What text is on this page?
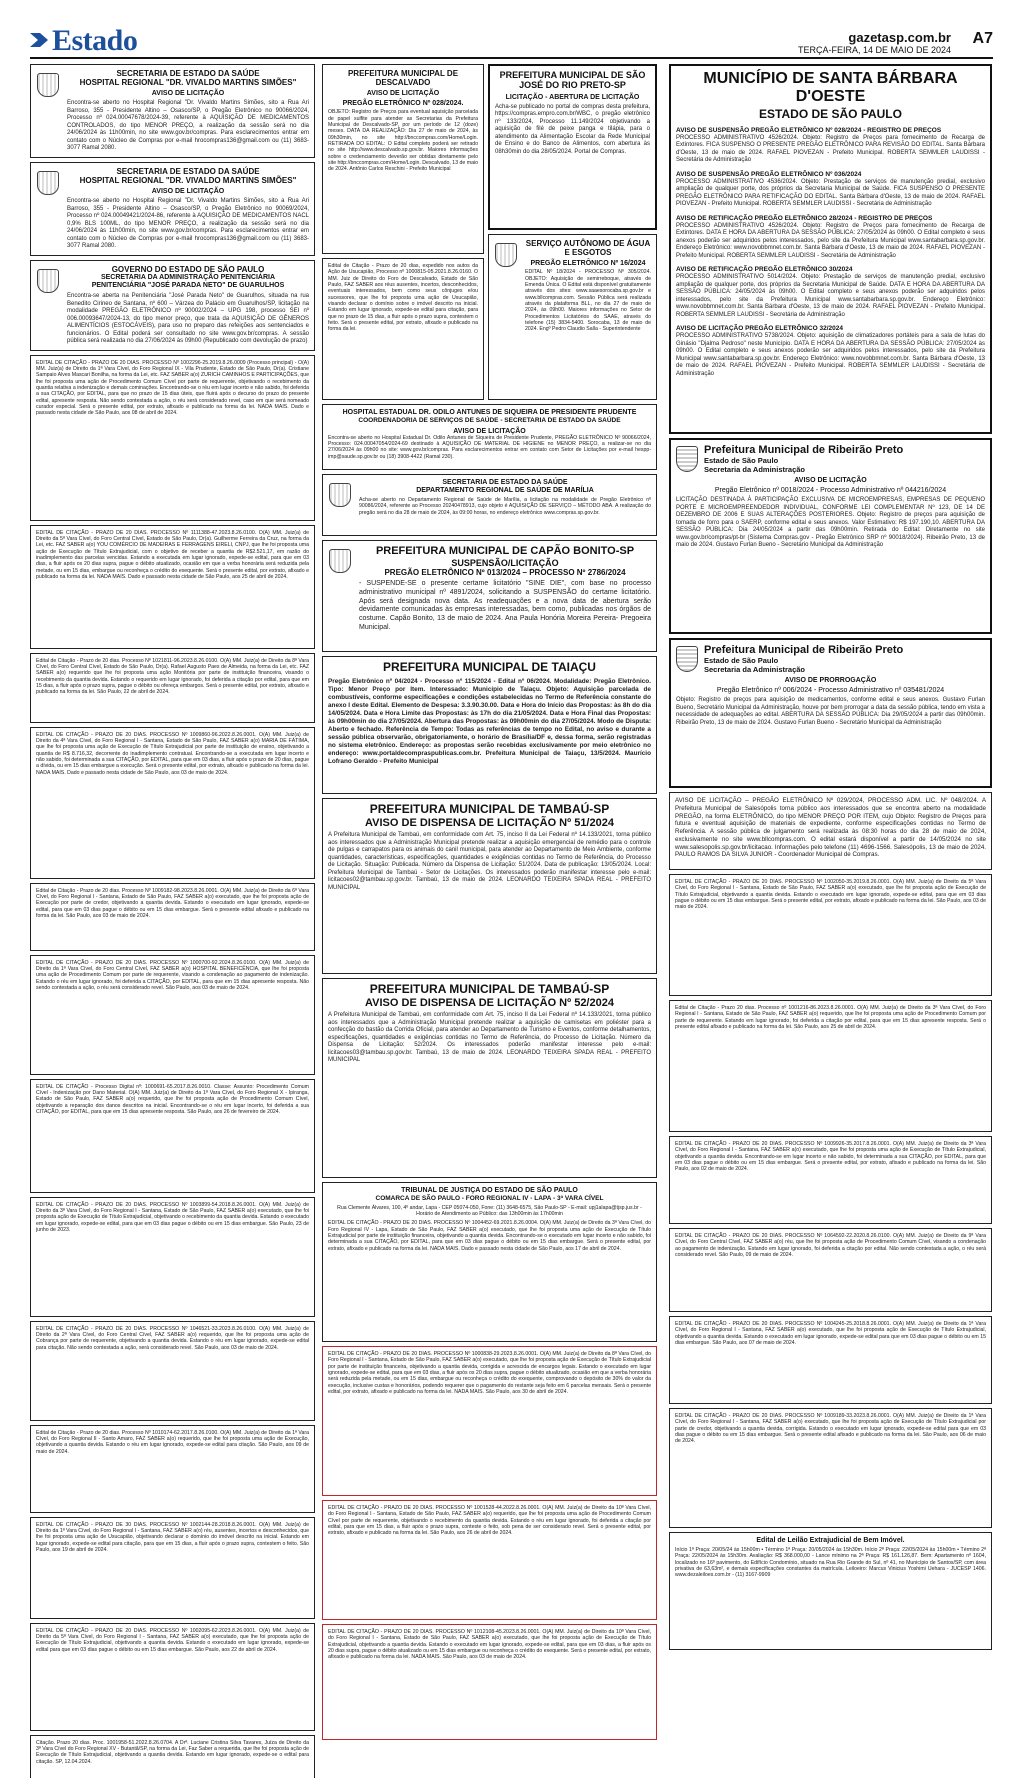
Estado	gazetasp.com.br
TERÇA-FEIRA, 14 DE MAIO DE 2024
A7
SECRETARIA DE ESTADO DA SAÚDE
HOSPITAL REGIONAL "DR. VIVALDO MARTINS SIMÕES"
AVISO DE LICITAÇÃO
Encontra-se aberto no Hospital Regional "Dr. Vivaldo Martins Simões, sito a Rua Ari Barroso, 355 - Presidente Altino – Osasco/SP, o Pregão Eletrônico no 90066/2024, Processo nº 024.00047678/2024-39, referente à AQUISIÇÃO DE MEDICAMENTOS CONTROLADOS, do tipo MENOR PREÇO, a realização da sessão será no dia 24/06/2024 às 11h00min, no site www.gov.br/compras. Para esclarecimentos entrar em contato com o Núcleo de Compras por e-mail hrocompras136@gmail.com ou (11) 3683-3077 Ramal 2080.
SECRETARIA DE ESTADO DA SAÚDE
HOSPITAL REGIONAL "DR. VIVALDO MARTINS SIMÕES"
AVISO DE LICITAÇÃO
Encontra-se aberto no Hospital Regional "Dr. Vivaldo Martins Simões, sito a Rua Ari Barroso, 355 - Presidente Altino – Osasco/SP, o Pregão Eletrônico no 90069/2024, Processo nº 024.00049421/2024-86, referente à AQUISIÇÃO DE MEDICAMENTOS NACL 0,9% BLS 100ML, do tipo MENOR PREÇO, a realização da sessão será no dia 24/06/2024 às 11h00min, no site www.gov.br/compras. Para esclarecimentos entrar em contato com o Núcleo de Compras por e-mail hrocompras136@gmail.com ou (11) 3683-3077 Ramal 2080.
GOVERNO DO ESTADO DE SÃO PAULO
SECRETARIA DA ADMINISTRAÇÃO PENITENCIÁRIA
PENITENCIÁRIA "JOSÉ PARADA NETO" DE GUARULHOS
Encontra-se aberta na Penitenciária "José Parada Neto" de Guarulhos, situada na rua Benedito Cirineo de Santana, nº 600 – Várzea do Palácio em Guarulhos/SP, licitação na modalidade PREGÃO ELETRÔNICO nº 90002/2024 – UPG 198, processo SEI nº 006.00093647/2024-13, do tipo menor preço, que trata da AQUISIÇÃO DE GÊNEROS ALIMENTÍCIOS (ESTOCÁVEIS), para uso no preparo das refeições aos sentenciados e funcionários. O Edital poderá ser consultado no site www.gov.br/compras. A sessão pública será realizada no dia 27/06/2024 às 09h00 (Republicado com devolução de prazo)
EDITAL DE CITAÇÃO - PRAZO DE 20 DIAS. PROCESSO Nº 1002296-25.2019.8.26.0009 (Processo principal) - O(A) MM. Juiz(a) de Direito da 1ª Vara Cível, do Foro Regional IX - Vila Prudente, Estado de São Paulo, Dr(a). Cristiane Sampaio Alves Mascari Bonilha, na forma da Lei, etc. FAZ SABER a(o) ZURICH CAMINHOS E PARTICIPAÇÕES, que lhe foi proposta uma ação de Procedimento Comum Cível por parte de requerente, objetivando o recebimento da quantia relativa a indenização e demais cominações. Encontrando-se o réu em lugar incerto e não sabido, foi deferida a sua CITAÇÃO, por EDITAL, para que no prazo de 15 dias úteis, que fluirá após o decurso do prazo do presente edital, apresente resposta. Não sendo contestada a ação, o réu será considerado revel, caso em que será nomeado curador especial. Será o presente edital, por extrato, afixado e publicado na forma da lei. NADA MAIS. Dado e passado nesta cidade de São Paulo, aos 08 de abril de 2024.
EDITAL DE CITAÇÃO - PRAZO DE 20 DIAS. PROCESSO Nº 1111388-47.2023.8.26.0100. O(A) MM. Juiz(a) de Direito da 5ª Vara Cível, do Foro Central Cível, Estado de São Paulo, Dr(a). Guilherme Ferreira da Cruz, na forma da Lei, etc. FAZ SABER a(o) YOU COMÉRCIO DE MADEIRAS E FERRAGENS EIRELI, CNPJ, que lhe foi proposta uma ação de Execução de Título Extrajudicial, com o objetivo de receber a quantia de R$2.521,17, em razão do inadimplemento das parcelas vencidas. Estando a executada em lugar ignorado, expede-se edital, para que em 03 dias, a fluir após os 20 dias supra, pague o débito atualizado, ocasião em que a verba honorária será reduzida pela metade, ou em 15 dias, embargue ou reconheça o crédito do exequente. Será o presente edital, por extrato, afixado e publicado na forma da lei. NADA MAIS. Dado e passado nesta cidade de São Paulo, aos 25 de abril de 2024.
Edital de Citação - Prazo de 20 dias. Processo Nº 1021811-96.2023.8.26.0100. O(A) MM. Juiz(a) de Direito da 8ª Vara Cível, do Foro Central Cível, Estado de São Paulo, Dr(a). Rafael Augusto Paes de Almeida, na forma da Lei, etc. FAZ SABER a(o) requerido que lhe foi proposta uma ação Monitória por parte de instituição financeira, visando o recebimento da quantia devida. Estando o requerido em lugar ignorado, foi deferida a citação por edital, para que em 15 dias, a fluir após o prazo supra, pague o débito ou ofereça embargos. Será o presente edital, por extrato, afixado e publicado na forma da lei. São Paulo, 22 de abril de 2024.
EDITAL DE CITAÇÃO - PRAZO DE 20 DIAS. PROCESSO Nº 1009860-96.2022.8.26.0001. O(A) MM. Juiz(a) de Direito da 4ª Vara Cível, do Foro Regional I - Santana, Estado de São Paulo, FAZ SABER a(o) MARIA DE FÁTIMA, que lhe foi proposta uma ação de Execução de Título Extrajudicial por parte de instituição de ensino, objetivando a quantia de R$ 8.716,32, decorrente do inadimplemento contratual. Encontrando-se a executada em lugar incerto e não sabido, foi determinada a sua CITAÇÃO, por EDITAL, para que em 03 dias, a fluir após o prazo de 20 dias, pague a dívida, ou em 15 dias embargue a execução. Será o presente edital, por extrato, afixado e publicado na forma da lei. NADA MAIS. Dado e passado nesta cidade de São Paulo, aos 03 de maio de 2024.
Edital de Citação - Prazo de 20 dias. Processo Nº 1009182-98.2023.8.26.0001. O(A) MM. Juiz(a) de Direito da 6ª Vara Cível, do Foro Regional I - Santana, Estado de São Paulo, FAZ SABER a(o) executado, que lhe foi proposta ação de Execução por parte de credor, objetivando a quantia devida. Estando o executado em lugar ignorado, expede-se edital, para que em 03 dias pague o débito ou em 15 dias embargue. Será o presente edital afixado e publicado na forma da lei. São Paulo, aos 03 de maio de 2024.
EDITAL DE CITAÇÃO - PRAZO DE 20 DIAS. PROCESSO Nº 1000700-92.2024.8.26.0100. O(A) MM. Juiz(a) de Direito da 1ª Vara Cível, do Foro Central Cível, FAZ SABER a(o) HOSPITAL BENEFICÊNCIA, que lhe foi proposta uma ação de Procedimento Comum por parte de requerente, visando a condenação ao pagamento de indenização. Estando o réu em lugar ignorado, foi deferida a CITAÇÃO, por EDITAL, para que em 15 dias apresente resposta. Não sendo contestada a ação, o réu será considerado revel. São Paulo, aos 03 de maio de 2024.
EDITAL DE CITAÇÃO - Processo Digital nº: 1000691-65.2017.8.26.0010. Classe: Assunto: Procedimento Comum Cível - Indenização por Dano Material. O(A) MM. Juiz(a) de Direito da 1ª Vara Cível, do Foro Regional X - Ipiranga, Estado de São Paulo, FAZ SABER a(o) requerido, que lhe foi proposta ação de Procedimento Comum Cível, objetivando a reparação dos danos descritos na inicial. Encontrando-se o réu em lugar incerto, foi deferida a sua CITAÇÃO, por EDITAL, para que em 15 dias apresente resposta. São Paulo, aos 26 de fevereiro de 2024.
EDITAL DE CITAÇÃO - PRAZO DE 20 DIAS. PROCESSO Nº 1003899-54.2018.8.26.0001. O(A) MM. Juiz(a) de Direito da 3ª Vara Cível, do Foro Regional I - Santana, Estado de São Paulo, FAZ SABER a(o) executado, que lhe foi proposta ação de Execução de Título Extrajudicial, objetivando o recebimento da quantia devida. Estando o executado em lugar ignorado, expede-se edital, para que em 03 dias pague o débito ou em 15 dias embargue. São Paulo, 23 de junho de 2023.
EDITAL DE CITAÇÃO - PRAZO DE 20 DIAS. PROCESSO Nº 1046521-33.2023.8.26.0100. O(A) MM. Juiz(a) de Direito da 2ª Vara Cível, do Foro Central Cível, FAZ SABER a(o) requerido, que lhe foi proposta uma ação de Cobrança por parte de requerente, objetivando a quantia devida. Estando o réu em lugar ignorado, expede-se edital para citação. Não sendo contestada a ação, será considerado revel. São Paulo, aos 03 de maio de 2024.
Edital de Citação - Prazo de 20 dias. Processo Nº 1010174-62.2017.8.26.0100. O(A) MM. Juiz(a) de Direito da 1ª Vara Cível, do Foro Regional II - Santo Amaro, FAZ SABER a(o) requerido, que lhe foi proposta uma ação de Execução, objetivando a quantia devida. Estando o réu em lugar ignorado, expede-se edital para citação. São Paulo, aos 09 de maio de 2024.
EDITAL DE CITAÇÃO - PRAZO DE 30 DIAS. PROCESSO Nº 1002144-28.2018.8.26.0001. O(A) MM. Juiz(a) de Direito da 1ª Vara Cível, do Foro Regional I - Santana, FAZ SABER a(o) réu, ausentes, incertos e desconhecidos, que lhe foi proposta uma ação de Usucapião, objetivando declarar o domínio do imóvel descrito na inicial. Estando em lugar ignorado, expede-se edital para citação, para que em 15 dias, a fluir após o prazo supra, contestem o feito. São Paulo, aos 19 de abril de 2024.
EDITAL DE CITAÇÃO - PRAZO DE 20 DIAS. PROCESSO Nº 1002095-62.2023.8.26.0001. O(A) MM. Juiz(a) de Direito da 5ª Vara Cível, do Foro Regional I - Santana, FAZ SABER a(o) executado, que lhe foi proposta ação de Execução de Título Extrajudicial, objetivando a quantia devida. Estando o executado em lugar ignorado, expede-se edital para que em 03 dias pague o débito ou em 15 dias embargue. São Paulo, aos 22 de abril de 2024.
Citação. Prazo 20 dias. Proc. 1001958-51.2022.8.26.0704. A Drª. Luciane Cristina Silva Tavares, Juíza de Direito da 3ª Vara Cível do Foro Regional XV - Butantã/SP, na forma da Lei, Faz Saber a requerida, que lhe foi proposta ação de Execução de Título Extrajudicial, objetivando a quantia devida. Estando em lugar ignorado, expede-se o edital para citação. SP, 12.04.2024.
PREFEITURA MUNICIPAL DE DESCALVADO
AVISO DE LICITAÇÃO
PREGÃO ELETRÔNICO Nº 028/2024.
OBJETO: Registro de Preços para eventual aquisição parcelada de papel sulfite para atender as Secretarias da Prefeitura Municipal de Descalvado-SP, por um período de 12 (doze) meses. DATA DA REALIZAÇÃO: Dia 27 de maio de 2024, às 09h30min, no site http://bnccompras.com/Home/Login. RETIRADA DO EDITAL: O Edital completo poderá ser retirado no site http://www.descalvado.sp.gov.br. Maiores informações sobre o credenciamento deverão ser obtidas diretamente pelo site http://bnccompras.com/Home/Login. Descalvado, 13 de maio de 2024. Antônio Carlos Reschini - Prefeito Municipal
Edital de Citação - Prazo de 20 dias, expedido nos autos da Ação de Usucapião, Processo nº 1000815-05.2021.8.26.0160. O MM. Juiz de Direito do Foro de Descalvado, Estado de São Paulo, FAZ SABER aos réus ausentes, incertos, desconhecidos, eventuais interessados, bem como seus cônjuges e/ou sucessores, que lhe foi proposta uma ação de Usucapião, visando declarar o domínio sobre o imóvel descrito na inicial. Estando em lugar ignorado, expede-se edital para citação, para que no prazo de 15 dias, a fluir após o prazo supra, contestem o feito. Será o presente edital, por extrato, afixado e publicado na forma da lei.
PREFEITURA MUNICIPAL DE SÃO JOSÉ DO RIO PRETO-SP
LICITAÇÃO - ABERTURA DE LICITAÇÃO
Acha-se publicado no portal de compras desta prefeitura, https://compras.empro.com.br/WBC, o pregão eletrônico nº 133/2024, Processo 11.149/2024 objetivando a aquisição de filé de peixe panga e tilápia, para o atendimento da Alimentação Escolar da Rede Municipal de Ensino e do Banco de Alimentos, com abertura às 08h30min do dia 28/05/2024. Portal de Compras.
SERVIÇO AUTÔNOMO DE ÁGUA E ESGOTOS
PREGÃO ELETRÔNICO Nº 16/2024
EDITAL Nº 18/2024 - PROCESSO Nº 305/2024. OBJETO: Aquisição de semirreboque, através de Emenda Única. O Edital está disponível gratuitamente através dos sites: www.saaesorocaba.sp.gov.br e www.bllcompras.com. Sessão Pública será realizada através da plataforma BLL, no dia 27 de maio de 2024, às 09h00. Maiores informações no Setor de Procedimentos Licitatórios do SAAE, através do telefone (15) 3834-5400. Sorocaba, 13 de maio de 2024. Engº Pedro Claudio Salla - Superintendente
HOSPITAL ESTADUAL DR. ODILO ANTUNES DE SIQUEIRA DE PRESIDENTE PRUDENTE
COORDENADORIA DE SERVIÇOS DE SAÚDE - SECRETARIA DE ESTADO DA SAÚDE
AVISO DE LICITAÇÃO
Encontra-se aberto no Hospital Estadual Dr. Odilo Antunes de Siqueira de Presidente Prudente, PREGÃO ELETRÔNICO Nº 90066/2024, Processo: 024.00047054/2024-69 destinado à AQUISIÇÃO DE MATERIAL DE HIGIENE no MENOR PREÇO, a realizar-se no dia 27/06/2024 às 09h00 no site: www.gov.br/compras. Para esclarecimentos entrar em contato com Setor de Licitações por e-mail hespp-imp@saude.sp.gov.br ou (18) 3908-4422 (Ramal 230).
SECRETARIA DE ESTADO DA SAÚDE
DEPARTAMENTO REGIONAL DE SAÚDE DE MARÍLIA
Acha-se aberto no Departamento Regional de Saúde de Marília, a licitação na modalidade de Pregão Eletrônico nº 90086/2024, referente ao Processo 20240478913, cujo objeto é AQUISIÇÃO DE SERVIÇO – MÉTODO ABA. A realização do pregão será no dia 28 de maio de 2024, às 09:00 horas, no endereço eletrônico www.compras.sp.gov.br.
PREFEITURA MUNICIPAL DE CAPÃO BONITO-SP
SUSPENSÃO/LICITAÇÃO
PREGÃO ELETRÔNICO Nº 013/2024 – PROCESSO Nº 2786/2024
- SUSPENDE-SE o presente certame licitatório "SINE DIE", com base no processo administrativo municipal nº 4891/2024, solicitando a SUSPENSÃO do certame licitatório. Após será designada nova data. As readequações e a nova data de abertura serão devidamente comunicadas às empresas interessadas, bem como, publicadas nos órgãos de costume. Capão Bonito, 13 de maio de 2024. Ana Paula Honória Moreira Pereira- Pregoeira Municipal.
PREFEITURA MUNICIPAL DE TAIAÇU
Pregão Eletrônico nº 04/2024 - Processo nº 115/2024 - Edital nº 06/2024. Modalidade: Pregão Eletrônico. Tipo: Menor Preço por Item. Interessado: Município de Taiaçu. Objeto: Aquisição parcelada de combustíveis, conforme especificações e condições estabelecidas no Termo de Referência constante do anexo I deste Edital. Elemento de Despesa: 3.3.90.30.00. Data e Hora do Início das Propostas: às 8h do dia 14/05/2024. Data e Hora Limite das Propostas: às 17h do dia 21/05/2024. Data e Hora Final das Propostas: às 09h00min do dia 27/05/2024. Abertura das Propostas: às 09h00min do dia 27/05/2024. Modo de Disputa: Aberto e fechado. Referência de Tempo: Todas as referências de tempo no Edital, no aviso e durante a sessão pública observarão, obrigatoriamente, o horário de Brasília/DF e, dessa forma, serão registradas no sistema eletrônico. Endereço: as propostas serão recebidas exclusivamente por meio eletrônico no endereço: www.portaldecompraspublicas.com.br. Prefeitura Municipal de Taiaçu, 13/5/2024. Maurício Lofrano Geraldo - Prefeito Municipal
PREFEITURA MUNICIPAL DE TAMBAÚ-SP
AVISO DE DISPENSA DE LICITAÇÃO Nº 51/2024
A Prefeitura Municipal de Tambaú, em conformidade com Art. 75, inciso II da Lei Federal nº 14.133/2021, torna público aos interessados que a Administração Municipal pretende realizar a aquisição emergencial de remédio para o controle de pulgas e carrapatos para os animais do canil municipal, para atender ao Departamento de Meio Ambiente, conforme quantidades, características, especificações, quantidades e exigências contidas no Termo de Referência, do Processo de Licitação. Situação: Publicada. Número da Dispensa de Licitação: 51/2024. Data de publicação: 13/05/2024. Local: Prefeitura Municipal de Tambaú - Setor de Licitações. Os interessados poderão manifestar interesse pelo e-mail: licitacoes02@tambau.sp.gov.br. Tambaú, 13 de maio de 2024. LEONARDO TEIXEIRA SPADA REAL - PREFEITO MUNICIPAL
PREFEITURA MUNICIPAL DE TAMBAÚ-SP
AVISO DE DISPENSA DE LICITAÇÃO Nº 52/2024
A Prefeitura Municipal de Tambaú, em conformidade com Art. 75, inciso II da Lei Federal nº 14.133/2021, torna público aos interessados que a Administração Municipal pretende realizar a aquisição de camisetas em poliéster para a confecção do bastão da Corrida Oficial, para atender ao Departamento de Turismo e Eventos, conforme detalhamentos, especificações, quantidades e exigências contidas no Termo de Referência, do Processo de Licitação. Número da Dispensa de Licitação: 52/2024. Os interessados poderão manifestar interesse pelo e-mail: licitacoes03@tambau.sp.gov.br. Tambaú, 13 de maio de 2024. LEONARDO TEIXEIRA SPADA REAL - PREFEITO MUNICIPAL
TRIBUNAL DE JUSTIÇA DO ESTADO DE SÃO PAULO
COMARCA DE SÃO PAULO - FORO REGIONAL IV - LAPA - 3ª VARA CÍVEL
Rua Clemente Álvares, 100, 4º andar, Lapa - CEP 05074-050, Fone: (11) 3648-6575, São Paulo-SP - E-mail: upj1alapa@tjsp.jus.br - Horário de Atendimento ao Público: das 13h00min às 17h00min
EDITAL DE CITAÇÃO - PRAZO DE 20 DIAS. PROCESSO Nº 1004452-69.2021.8.26.0004. O(A) MM. Juiz(a) de Direito da 3ª Vara Cível, do Foro Regional IV - Lapa, Estado de São Paulo, FAZ SABER a(o) executado, que lhe foi proposta uma ação de Execução de Título Extrajudicial por parte de instituição financeira, objetivando a quantia devida. Encontrando-se o executado em lugar incerto e não sabido, foi determinada a sua CITAÇÃO, por EDITAL, para que em 03 dias pague o débito ou em 15 dias embargue. Será o presente edital, por extrato, afixado e publicado na forma da lei. NADA MAIS. Dado e passado nesta cidade de São Paulo, aos 17 de abril de 2024.
EDITAL DE CITAÇÃO - PRAZO DE 20 DIAS. PROCESSO Nº 1000838-29.2023.8.26.0001. O(A) MM. Juiz(a) de Direito da 8ª Vara Cível, do Foro Regional I - Santana, Estado de São Paulo, FAZ SABER a(o) executado, que lhe foi proposta ação de Execução de Título Extrajudicial por parte de instituição financeira, objetivando a quantia devida, corrigida e acrescida de encargos legais. Estando o executado em lugar ignorado, expede-se edital, para que em 03 dias, a fluir após os 20 dias supra, pague o débito atualizado, ocasião em que a verba honorária será reduzida pela metade, ou em 15 dias, embargue ou reconheça o crédito do exequente, comprovando o depósito de 30% do valor da execução, inclusive custas e honorários, podendo requerer que o pagamento do restante seja feito em 6 parcelas mensais. Será o presente edital, por extrato, afixado e publicado na forma da lei. NADA MAIS. São Paulo, aos 30 de abril de 2024.
EDITAL DE CITAÇÃO - PRAZO DE 20 DIAS. PROCESSO Nº 1001528-44.2022.8.26.0001. O(A) MM. Juiz(a) de Direito da 10ª Vara Cível, do Foro Regional I - Santana, Estado de São Paulo, FAZ SABER a(o) requerido, que lhe foi proposta uma ação de Procedimento Comum Cível por parte de requerente, objetivando o recebimento da quantia devida. Estando o réu em lugar ignorado, foi deferida a citação por edital, para que em 15 dias, a fluir após o prazo supra, conteste o feito, sob pena de ser considerado revel. Será o presente edital, por extrato, afixado e publicado na forma da lei. São Paulo, aos 26 de abril de 2024.
EDITAL DE CITAÇÃO - PRAZO DE 20 DIAS. PROCESSO Nº 1012108-45.2023.8.26.0001. O(A) MM. Juiz(a) de Direito da 10ª Vara Cível, do Foro Regional I - Santana, Estado de São Paulo, FAZ SABER a(o) executado, que lhe foi proposta ação de Execução de Título Extrajudicial, objetivando a quantia devida. Estando o executado em lugar ignorado, expede-se edital, para que em 03 dias, a fluir após os 20 dias supra, pague o débito atualizado ou em 15 dias embargue ou reconheça o crédito do exequente. Será o presente edital, por extrato, afixado e publicado na forma da lei. NADA MAIS. São Paulo, aos 03 de maio de 2024.
MUNICÍPIO DE SANTA BÁRBARA D'OESTE
ESTADO DE SÃO PAULO
AVISO DE SUSPENSÃO PREGÃO ELETRÔNICO Nº 028/2024 - REGISTRO DE PREÇOS
PROCESSO ADMINISTRATIVO 4526/2024. Objeto: Registro de Preços para fornecimento de Recarga de Extintores. FICA SUSPENSO O PRESENTE PREGÃO ELETRÔNICO PARA REVISÃO DO EDITAL. Santa Bárbara d'Oeste, 13 de maio de 2024. RAFAEL PIOVEZAN - Prefeito Municipal. ROBERTA SEMMLER LAUDISSI - Secretária de Administração
AVISO DE SUSPENSÃO PREGÃO ELETRÔNICO Nº 036/2024
PROCESSO ADMINISTRATIVO 4536/2024. Objeto: Prestação de serviços de manutenção predial, exclusivo ampliação de qualquer porte, dos próprios da Secretaria Municipal de Saúde. FICA SUSPENSO O PRESENTE PREGÃO ELETRÔNICO PARA RETIFICAÇÃO DO EDITAL. Santa Bárbara d'Oeste, 13 de maio de 2024. RAFAEL PIOVEZAN - Prefeito Municipal. ROBERTA SEMMLER LAUDISSI - Secretária de Administração
AVISO DE RETIFICAÇÃO PREGÃO ELETRÔNICO 28/2024 - REGISTRO DE PREÇOS
PROCESSO ADMINISTRATIVO 4526/2024. Objeto: Registro de Preços para fornecimento de Recarga de Extintores. DATA E HORA DA ABERTURA DA SESSÃO PÚBLICA: 27/05/2024 às 09h00. O Edital completo e seus anexos poderão ser adquiridos pelos interessados, pelo site da Prefeitura Municipal www.santabarbara.sp.gov.br. Endereço Eletrônico: www.novobbmnet.com.br. Santa Bárbara d'Oeste, 13 de maio de 2024. RAFAEL PIOVEZAN - Prefeito Municipal. ROBERTA SEMMLER LAUDISSI - Secretária de Administração
AVISO DE RETIFICAÇÃO PREGÃO ELETRÔNICO 30/2024
PROCESSO ADMINISTRATIVO 5014/2024. Objeto: Prestação de serviços de manutenção predial, exclusivo ampliação de qualquer porte, dos próprios da Secretaria Municipal de Saúde. DATA E HORA DA ABERTURA DA SESSÃO PÚBLICA: 24/05/2024 às 09h00. O Edital completo e seus anexos poderão ser adquiridos pelos interessados, pelo site da Prefeitura Municipal www.santabarbara.sp.gov.br. Endereço Eletrônico: www.novobbmnet.com.br. Santa Bárbara d'Oeste, 13 de maio de 2024. RAFAEL PIOVEZAN - Prefeito Municipal. ROBERTA SEMMLER LAUDISSI - Secretária de Administração
AVISO DE LICITAÇÃO PREGÃO ELETRÔNICO 32/2024
PROCESSO ADMINISTRATIVO 5738/2024. Objeto: aquisição de climatizadores portáteis para a sala de lutas do Ginásio "Djalma Pedroso" neste Município. DATA E HORA DA ABERTURA DA SESSÃO PÚBLICA: 27/05/2024 às 09h00. O Edital completo e seus anexos poderão ser adquiridos pelos interessados, pelo site da Prefeitura Municipal www.santabarbara.sp.gov.br. Endereço Eletrônico: www.novobbmnet.com.br. Santa Bárbara d'Oeste, 13 de maio de 2024. RAFAEL PIOVEZAN - Prefeito Municipal. ROBERTA SEMMLER LAUDISSI - Secretária de Administração
Prefeitura Municipal de Ribeirão Preto
Estado de São Paulo
Secretaria da Administração
AVISO DE LICITAÇÃO
Pregão Eletrônico nº 0018/2024 - Processo Administrativo nº 044216/2024
LICITAÇÃO DESTINADA À PARTICIPAÇÃO EXCLUSIVA DE MICROEMPRESAS, EMPRESAS DE PEQUENO PORTE E MICROEMPREENDEDOR INDIVIDUAL, CONFORME LEI COMPLEMENTAR Nº 123, DE 14 DE DEZEMBRO DE 2006 E SUAS ALTERAÇÕES POSTERIORES. Objeto: Registro de preços para aquisição de tomada de forro para o SAERP, conforme edital e seus anexos. Valor Estimativo: R$ 197.190,10. ABERTURA DA SESSÃO PÚBLICA: Dia 24/05/2024 a partir das 09h00min. Retirada do Edital: Diretamente no site www.gov.br/compras/pt-br (Sistema Compras.gov - Pregão Eletrônico SRP nº 90018/2024). Ribeirão Preto, 13 de maio de 2024. Gustavo Furlan Bueno - Secretário Municipal da Administração
Prefeitura Municipal de Ribeirão Preto
Estado de São Paulo
Secretaria da Administração
AVISO DE PRORROGAÇÃO
Pregão Eletrônico nº 006/2024 - Processo Administrativo nº 035481/2024
Objeto: Registro de preços para aquisição de medicamentos, conforme edital e seus anexos. Gustavo Furlan Bueno, Secretário Municipal da Administração, houve por bem prorrogar a data da sessão pública, tendo em vista a necessidade de adequações ao edital. ABERTURA DA SESSÃO PÚBLICA: Dia 29/05/2024 a partir das 09h00min. Ribeirão Preto, 13 de maio de 2024. Gustavo Furlan Bueno - Secretário Municipal da Administração
AVISO DE LICITAÇÃO – PREGÃO ELETRÔNICO Nº 029/2024, PROCESSO ADM. LIC. Nº 048/2024. A Prefeitura Municipal de Salesópolis torna público aos interessados que se encontra aberto na modalidade PREGÃO, na forma ELETRÔNICO, do tipo MENOR PREÇO POR ITEM, cujo Objeto: Registro de Preços para futura e eventual aquisição de materiais de expediente, conforme especificações contidas no Termo de Referência. A sessão pública de julgamento será realizada às 08:30 horas do dia 28 de maio de 2024, exclusivamente no site www.bllcompras.com. O edital estará disponível a partir de 14/05/2024 no site www.salesopolis.sp.gov.br/licitacao. Informações pelo telefone (11) 4696-1566. Salesópolis, 13 de maio de 2024. PAULO RAMOS DA SILVA JUNIOR - Coordenador Municipal de Compras.
EDITAL DE CITAÇÃO - PRAZO DE 20 DIAS. PROCESSO Nº 1002050-35.2019.8.26.0001. O(A) MM. Juiz(a) de Direito da 5ª Vara Cível, do Foro Regional I - Santana, Estado de São Paulo, FAZ SABER a(o) executado, que lhe foi proposta ação de Execução de Título Extrajudicial, objetivando a quantia devida. Estando o executado em lugar ignorado, expede-se edital, para que em 03 dias pague o débito ou em 15 dias embargue. Será o presente edital, por extrato, afixado e publicado na forma da lei. São Paulo, aos 03 de maio de 2024.
Edital de Citação - Prazo 20 dias. Processo nº 1001216-86.2023.8.26.0001. O(A) MM. Juiz(a) de Direito da 3ª Vara Cível, do Foro Regional I - Santana, Estado de São Paulo, FAZ SABER a(o) requerido, que lhe foi proposta uma ação de Procedimento Comum por parte de requerente. Estando em lugar ignorado, foi deferida a citação por edital, para que em 15 dias apresente resposta. Será o presente edital afixado e publicado na forma da lei. São Paulo, aos 25 de abril de 2024.
EDITAL DE CITAÇÃO - PRAZO DE 20 DIAS. PROCESSO Nº 1009926-35.2017.8.26.0001. O(A) MM. Juiz(a) de Direito da 3ª Vara Cível, do Foro Regional I - Santana, FAZ SABER a(o) executado, que lhe foi proposta uma ação de Execução de Título Extrajudicial, objetivando a quantia devida. Encontrando-se em lugar incerto e não sabido, foi determinada a sua CITAÇÃO, por EDITAL, para que em 03 dias pague o débito ou em 15 dias embargue. Será o presente edital, por extrato, afixado e publicado na forma da lei. São Paulo, aos 02 de maio de 2024.
EDITAL DE CITAÇÃO - PRAZO DE 20 DIAS. PROCESSO Nº 1064592-22.2020.8.26.0100. O(A) MM. Juiz(a) de Direito da 9ª Vara Cível, do Foro Central Cível, FAZ SABER a(o) réu, que lhe foi proposta ação de Procedimento Comum Cível, visando a condenação ao pagamento de indenização. Estando em lugar ignorado, foi deferida a citação por edital. Não sendo contestada a ação, o réu será considerado revel. São Paulo, 09 de maio de 2024.
EDITAL DE CITAÇÃO - PRAZO DE 20 DIAS. PROCESSO Nº 1004245-25.2018.8.26.0001. O(A) MM. Juiz(a) de Direito da 1ª Vara Cível, do Foro Regional I - Santana, FAZ SABER a(o) executado, que lhe foi proposta ação de Execução de Título Extrajudicial, objetivando a quantia devida. Estando o executado em lugar ignorado, expede-se edital para que em 03 dias pague o débito ou em 15 dias embargue. São Paulo, aos 07 de maio de 2024.
EDITAL DE CITAÇÃO - PRAZO DE 20 DIAS. PROCESSO Nº 1009189-33.2023.8.26.0001. O(A) MM. Juiz(a) de Direito da 1ª Vara Cível, do Foro Regional I - Santana, FAZ SABER a(o) executado, que lhe foi proposta ação de Execução de Título Extrajudicial por parte de credor, objetivando a quantia devida, corrigida. Estando o executado em lugar ignorado, expede-se edital para que em 03 dias pague o débito ou em 15 dias embargue. Será o presente edital afixado e publicado na forma da lei. São Paulo, aos 06 de maio de 2024.
Edital de Leilão Extrajudicial de Bem Imóvel.
Início 1ª Praça: 20/05/24 às 15h00m • Término 1ª Praça: 20/05/2024 às 15h30m. Início 2ª Praça: 22/05/2024 às 15h00m • Término 2ª Praça: 22/05/2024 às 15h30m. Avaliação: R$ 368.000,00 - Lance mínimo na 2ª Praça: R$ 161.126,87. Bem: Apartamento nº 1604, localizado no 16º pavimento, do Edifício Condomínio, situado na Rua Rio Grande do Sul, nº 41, no Município de Santos/SP, com área privativa de 63,63m², e demais especificações constantes da matrícula. Leiloeiro: Marcus Vinicius Yoshimi Uehara - JUCESP 1406. www.dezaleiloes.com.br - (11) 3167-9909
